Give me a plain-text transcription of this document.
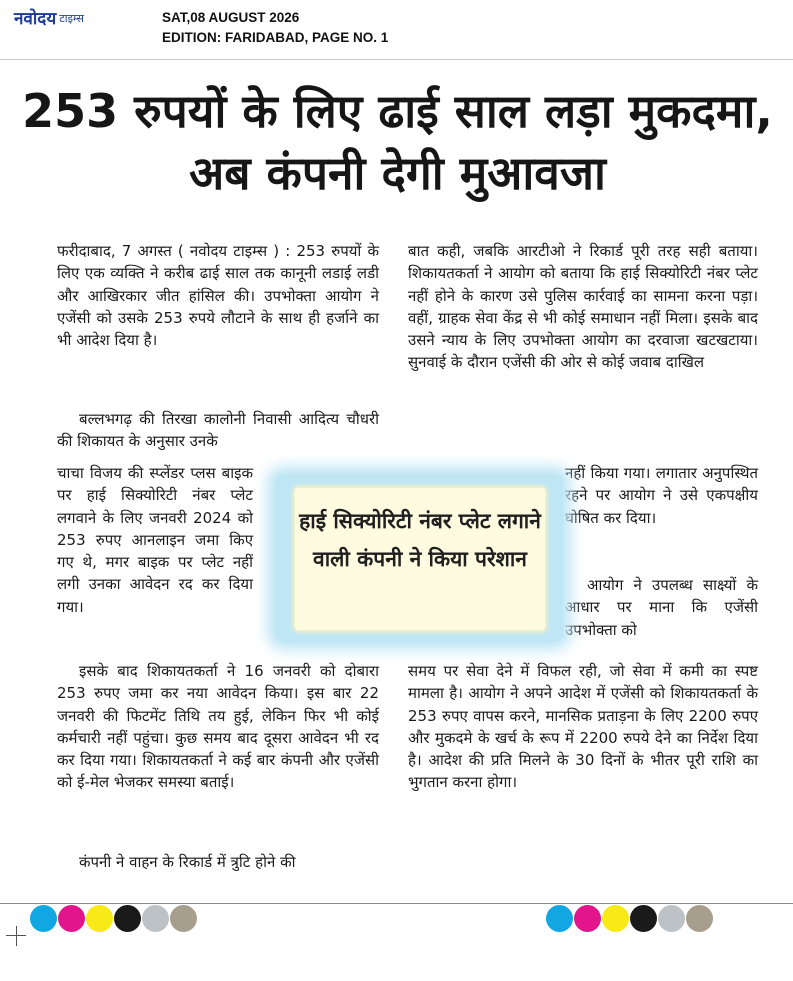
नवोदय टाइम्स	SAT,08 AUGUST 2026
EDITION: FARIDABAD, PAGE NO. 1
253 रुपयों के लिए ढाई साल लड़ा मुकदमा, अब कंपनी देगी मुआवजा

फरीदाबाद, 7 अगस्त ( नवोदय टाइम्स ) : 253 रुपयों के लिए एक व्यक्ति ने करीब ढाई साल तक कानूनी लडाई लडी और आखिरकार जीत हांसिल की। उपभोक्ता आयोग ने एजेंसी को उसके 253 रुपये लौटाने के साथ ही हर्जाने का भी आदेश दिया है।

बल्लभगढ़ की तिरखा कालोनी निवासी आदित्य चौधरी की शिकायत के अनुसार उनके

चाचा विजय की स्प्लेंडर प्लस बाइक पर हाई सिक्योरिटी नंबर प्लेट लगवाने के लिए जनवरी 2024 को 253 रुपए आनलाइन जमा किए गए थे, मगर बाइक पर प्लेट नहीं लगी उनका आवेदन रद कर दिया गया।

इसके बाद शिकायतकर्ता ने 16 जनवरी को दोबारा 253 रुपए जमा कर नया आवेदन किया। इस बार 22 जनवरी की फिटमेंट तिथि तय हुई, लेकिन फिर भी कोई कर्मचारी नहीं पहुंचा। कुछ समय बाद दूसरा आवेदन भी रद कर दिया गया। शिकायतकर्ता ने कई बार कंपनी और एजेंसी को ई-मेल भेजकर समस्या बताई।

कंपनी ने वाहन के रिकार्ड में त्रुटि होने की

बात कही, जबकि आरटीओ ने रिकार्ड पूरी तरह सही बताया। शिकायतकर्ता ने आयोग को बताया कि हाई सिक्योरिटी नंबर प्लेट नहीं होने के कारण उसे पुलिस कार्रवाई का सामना करना पड़ा। वहीं, ग्राहक सेवा केंद्र से भी कोई समाधान नहीं मिला। इसके बाद उसने न्याय के लिए उपभोक्ता आयोग का दरवाजा खटखटाया। सुनवाई के दौरान एजेंसी की ओर से कोई जवाब दाखिल

नहीं किया गया। लगातार अनुपस्थित रहने पर आयोग ने उसे एकपक्षीय घोषित कर दिया।

आयोग ने उपलब्ध साक्ष्यों के आधार पर माना कि एजेंसी उपभोक्ता को

समय पर सेवा देने में विफल रही, जो सेवा में कमी का स्पष्ट मामला है। आयोग ने अपने आदेश में एजेंसी को शिकायतकर्ता के 253 रुपए वापस करने, मानसिक प्रताड़ना के लिए 2200 रुपए और मुकदमे के खर्च के रूप में 2200 रुपये देने का निर्देश दिया है। आदेश की प्रति मिलने के 30 दिनों के भीतर पूरी राशि का भुगतान करना होगा।

हाई सिक्योरिटी नंबर प्लेट लगाने वाली कंपनी ने किया परेशान
